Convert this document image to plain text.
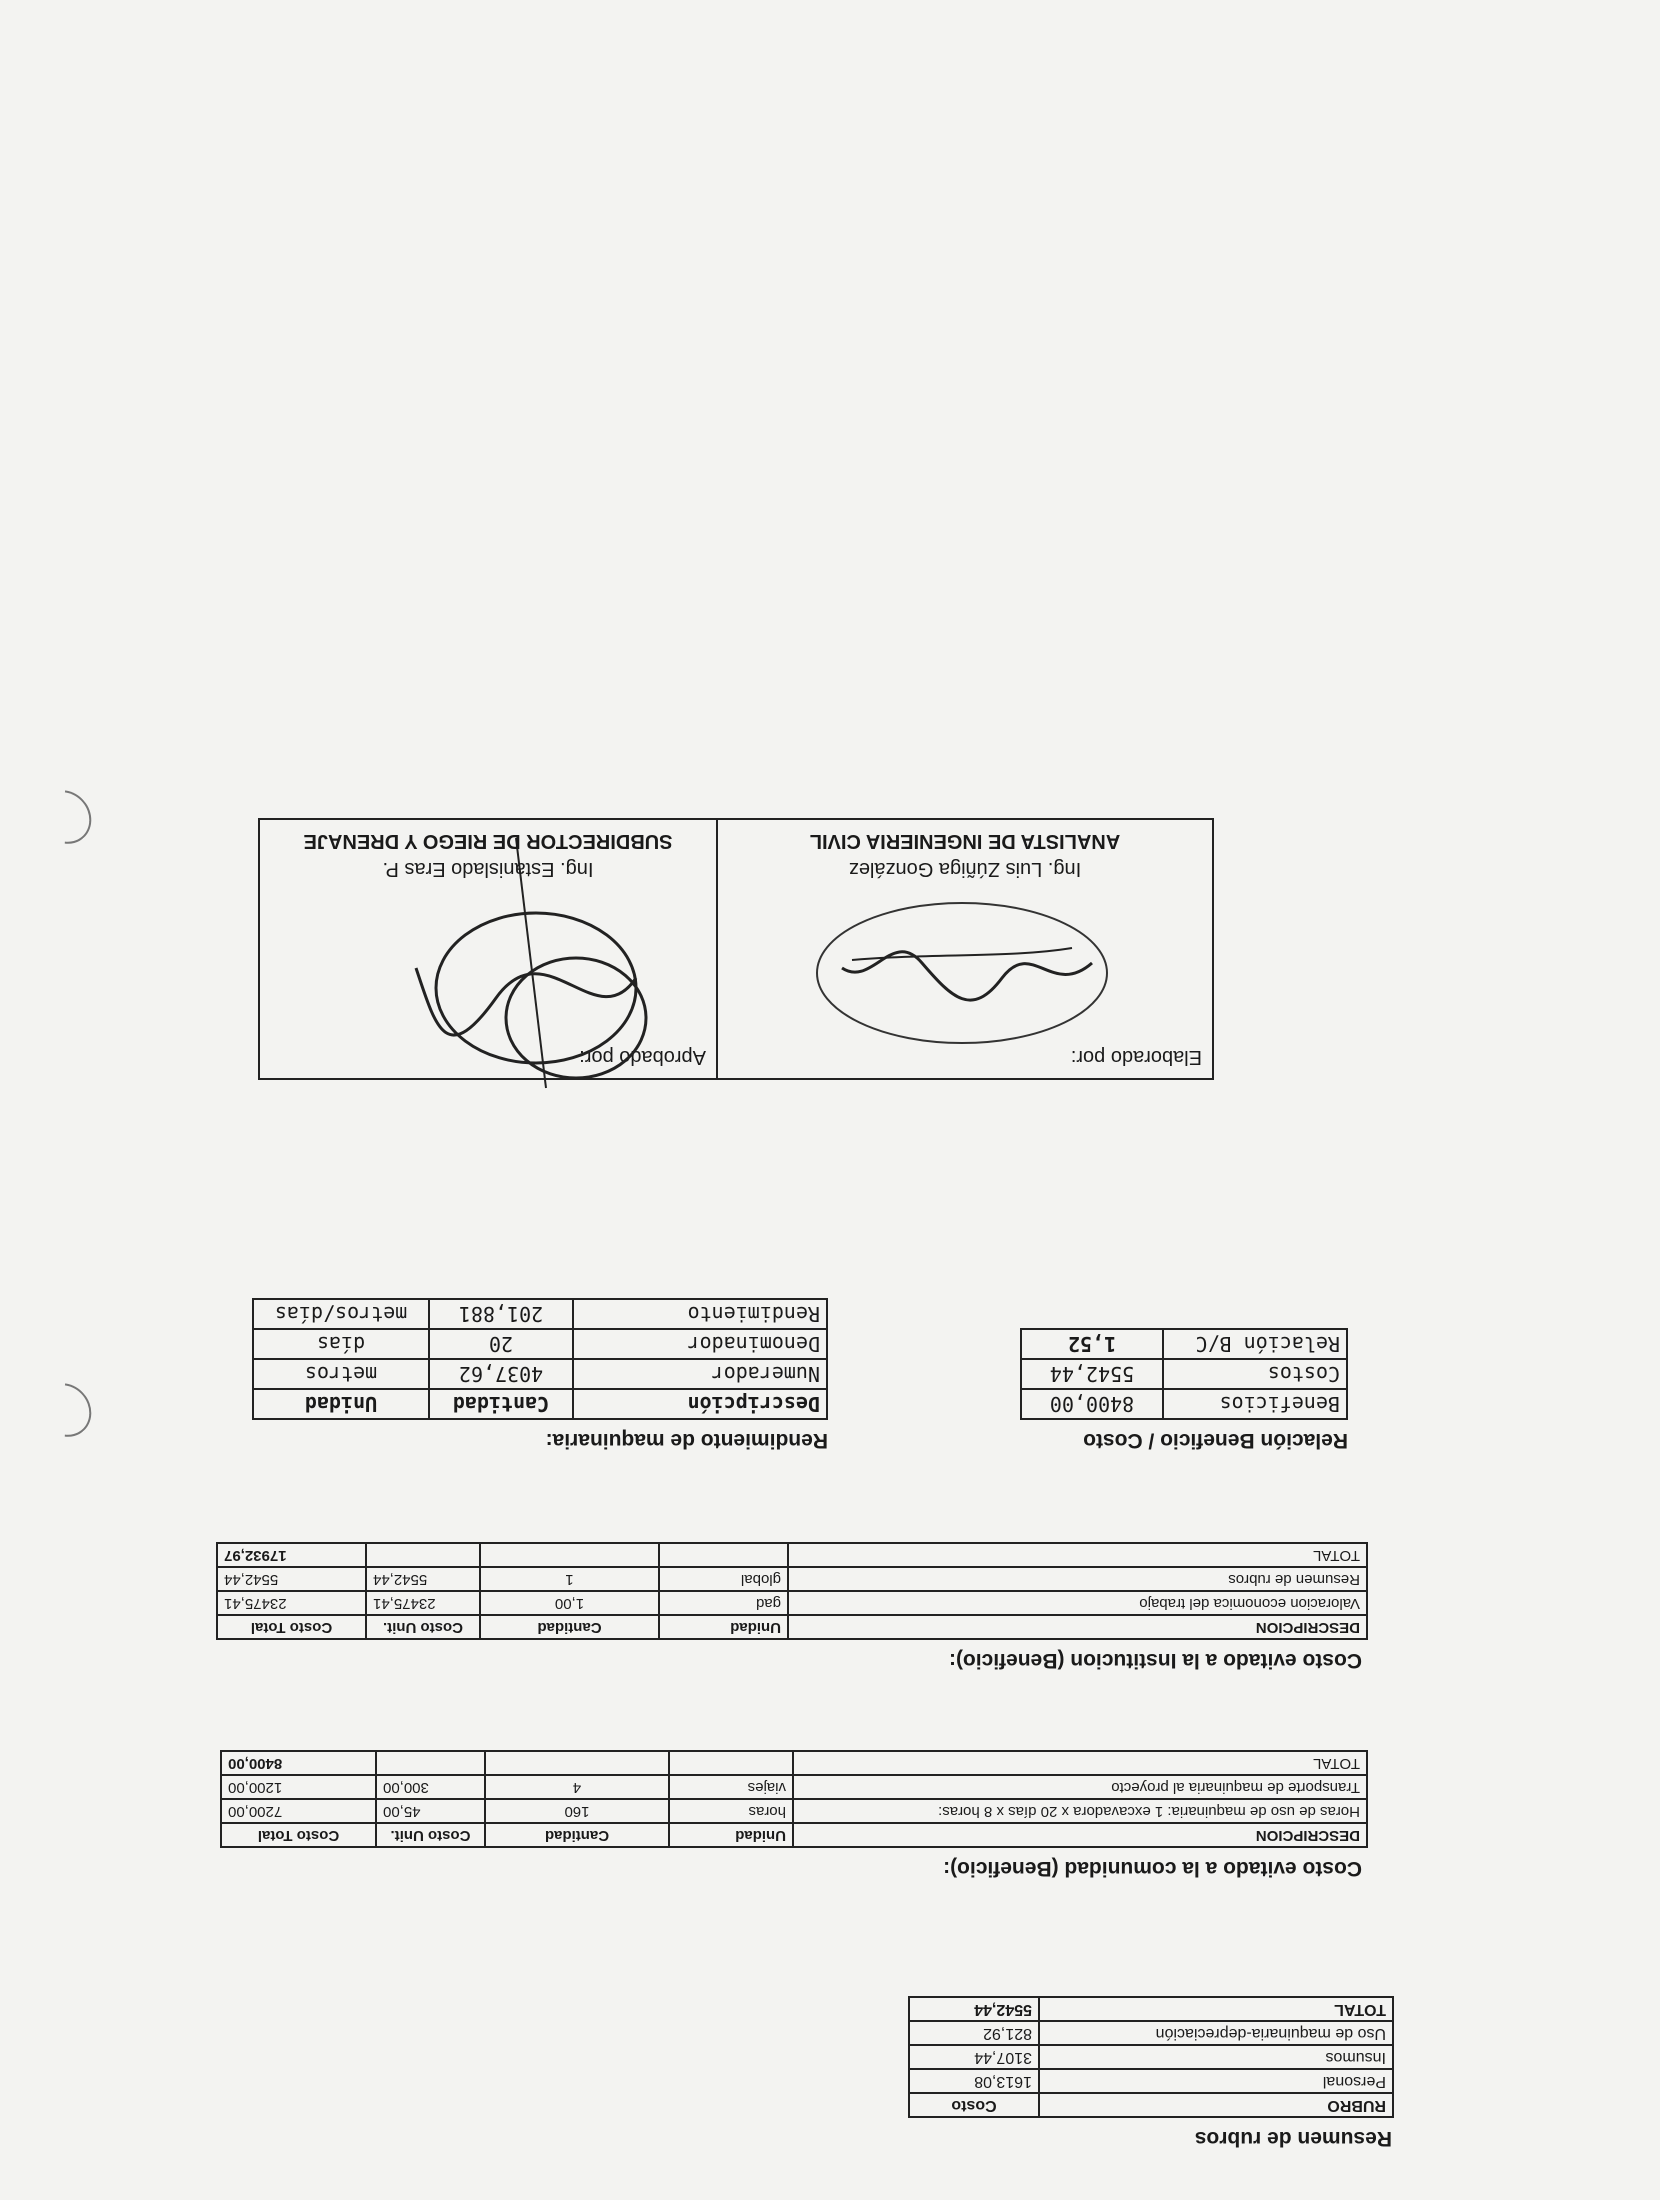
Resumen de rubros
RUBRO	Costo
Personal	1613,08
Insumos	3107,44
Uso de maquinaria-depreciación	821,92
TOTAL	5542,44
Costo evitado a la comunidad (Beneficio):
DESCRIPCION	Unidad	Cantidad	Costo Unit.	Costo Total
Horas de uso de maquinaria: 1 excavadora x 20 días x 8 horas:	horas	160	45,00	7200,00
Transporte de maquinaria al proyecto	viajes	4	300,00	1200,00
TOTAL				8400,00
Costo evitado a la Institucion (Beneficio):
DESCRIPCION	Unidad	Cantidad	Costo Unit.	Costo Total
Valoracion economica del trabajo	gad	1,00	23475,41	23475,41
Resumen de rubros	global	1	5542,44	5542,44
TOTAL				17932,97
Relación Beneficio / Costo
Beneficios	8400,00
Costos	5542,44
Relación B/C	1,52
Rendimiento de maquinaria:
Descripción	Cantidad	Unidad
Numerador	4037,62	metros
Denominador	20	días
Rendimiento	201,881	metros/días
Elaborado por:
Ing. Luis Zúñiga González
ANALISTA DE INGENIERIA CIVIL
Aprobado por:
Ing. Estanislado Eras P.
SUBDIRECTOR DE RIEGO Y DRENAJE
